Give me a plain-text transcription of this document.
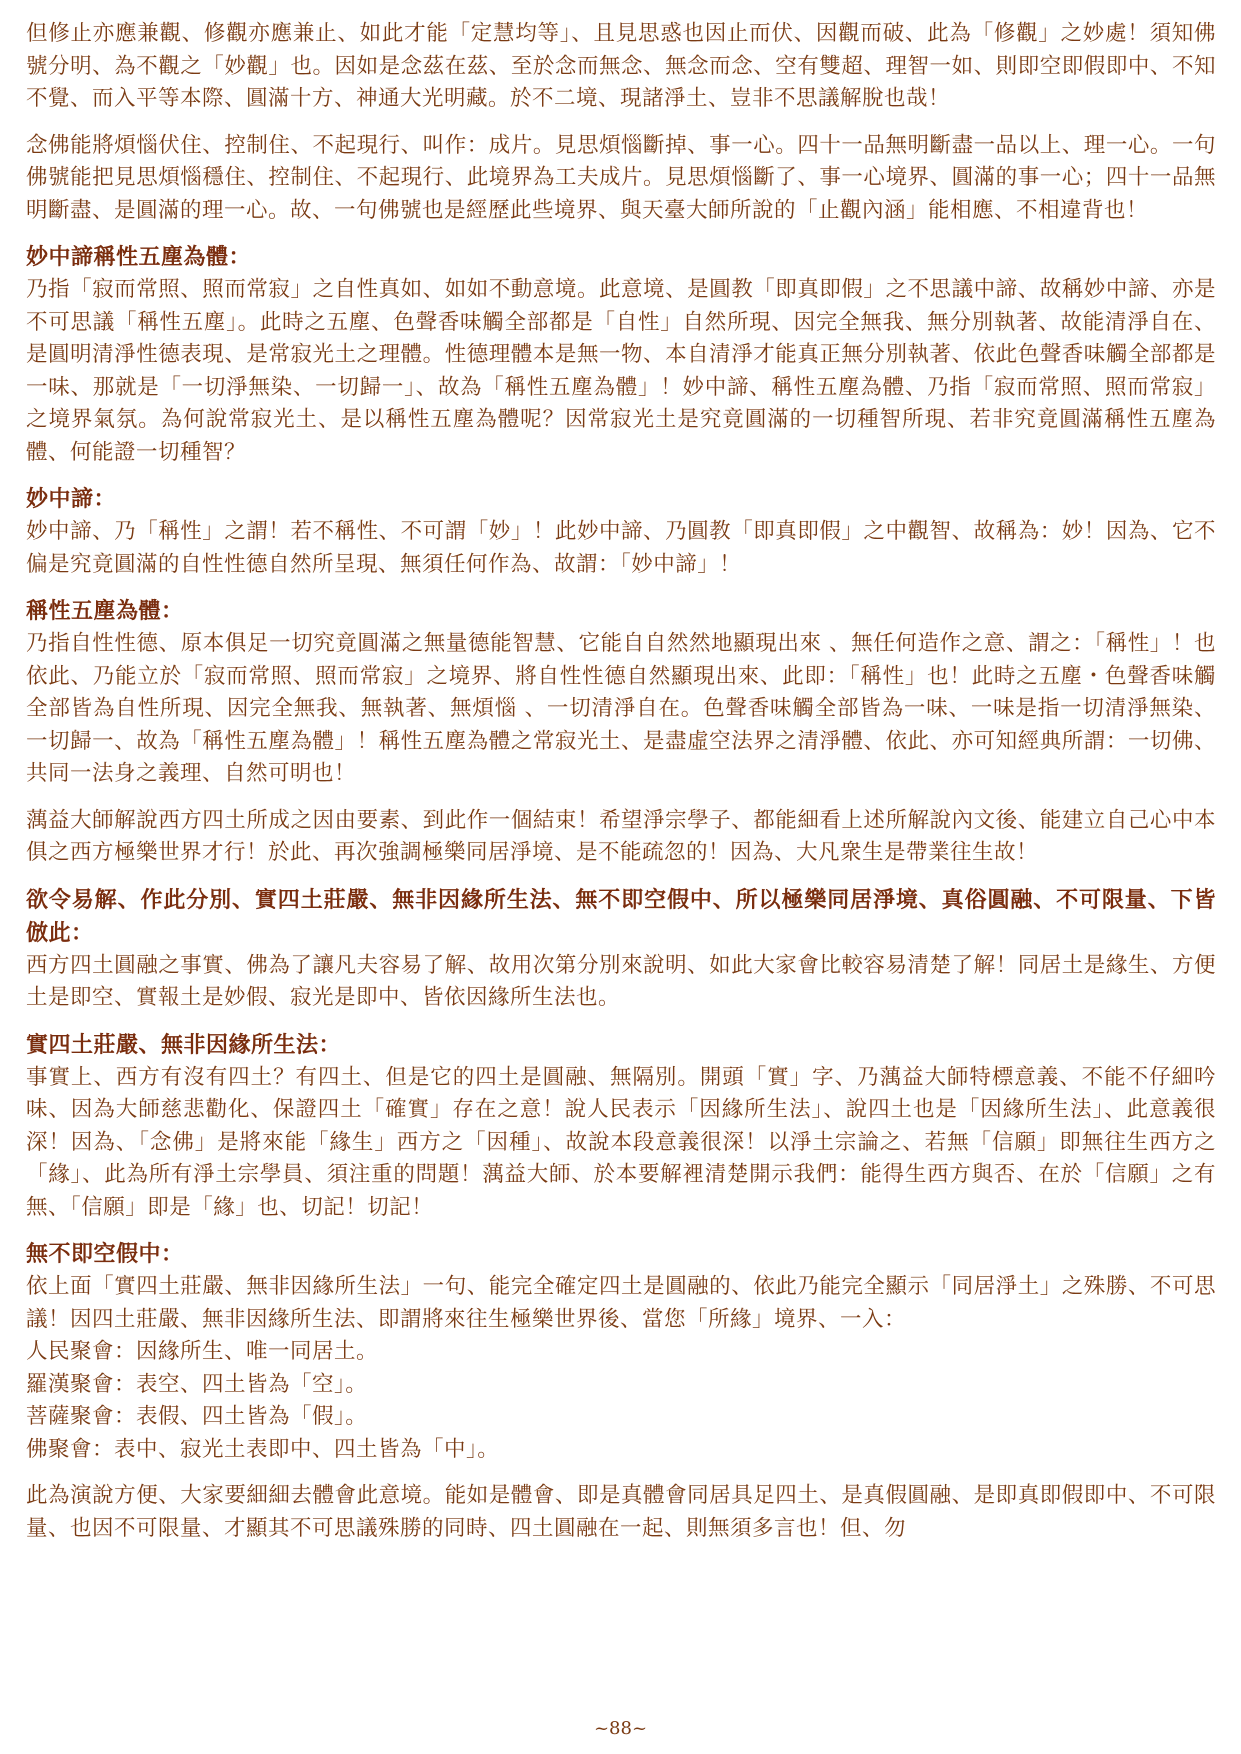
但修止亦應兼觀、修觀亦應兼止、如此才能「定慧均等」、且見思惑也因止而伏、因觀而破、此為「修觀」之妙處！須知佛號分明、為不觀之「妙觀」也。因如是念茲在茲、至於念而無念、無念而念、空有雙超、理智一如、則即空即假即中、不知不覺、而入平等本際、圓滿十方、神通大光明藏。於不二境、現諸淨土、豈非不思議解脫也哉！

念佛能將煩惱伏住、控制住、不起現行、叫作：成片。見思煩惱斷掉、事一心。四十一品無明斷盡一品以上、理一心。一句佛號能把見思煩惱穩住、控制住、不起現行、此境界為工夫成片。見思煩惱斷了、事一心境界、圓滿的事一心；四十一品無明斷盡、是圓滿的理一心。故、一句佛號也是經歷此些境界、與天臺大師所說的「止觀內涵」能相應、不相違背也！

妙中諦稱性五塵為體：

乃指「寂而常照、照而常寂」之自性真如、如如不動意境。此意境、是圓教「即真即假」之不思議中諦、故稱妙中諦、亦是不可思議「稱性五塵」。此時之五塵、色聲香味觸全部都是「自性」自然所現、因完全無我、無分別執著、故能清淨自在、是圓明清淨性德表現、是常寂光土之理體。性德理體本是無一物、本自清淨才能真正無分別執著、依此色聲香味觸全部都是一味、那就是「一切淨無染、一切歸一」、故為「稱性五塵為體」！妙中諦、稱性五塵為體、乃指「寂而常照、照而常寂」之境界氣氛。為何說常寂光土、是以稱性五塵為體呢？因常寂光土是究竟圓滿的一切種智所現、若非究竟圓滿稱性五塵為體、何能證一切種智？

妙中諦：

妙中諦、乃「稱性」之謂！若不稱性、不可謂「妙」！此妙中諦、乃圓教「即真即假」之中觀智、故稱為：妙！因為、它不偏是究竟圓滿的自性性德自然所呈現、無須任何作為、故謂：「妙中諦」！

稱性五塵為體：

乃指自性性德、原本俱足一切究竟圓滿之無量德能智慧、它能自自然然地顯現出來 、無任何造作之意、謂之：「稱性」！也依此、乃能立於「寂而常照、照而常寂」之境界、將自性性德自然顯現出來、此即：「稱性」也！此時之五塵・色聲香味觸全部皆為自性所現、因完全無我、無執著、無煩惱 、一切清淨自在。色聲香味觸全部皆為一味、一味是指一切清淨無染、一切歸一、故為「稱性五塵為體」！稱性五塵為體之常寂光土、是盡虛空法界之清淨體、依此、亦可知經典所謂：一切佛、共同一法身之義理、自然可明也！

蕅益大師解說西方四土所成之因由要素、到此作一個結束！希望淨宗學子、都能細看上述所解說內文後、能建立自己心中本俱之西方極樂世界才行！於此、再次強調極樂同居淨境、是不能疏忽的！因為、大凡衆生是帶業往生故！

欲令易解、作此分別、實四土莊嚴、無非因緣所生法、無不即空假中、所以極樂同居淨境、真俗圓融、不可限量、下皆倣此：

西方四土圓融之事實、佛為了讓凡夫容易了解、故用次第分別來說明、如此大家會比較容易清楚了解！同居土是緣生、方便土是即空、實報土是妙假、寂光是即中、皆依因緣所生法也。

實四土莊嚴、無非因緣所生法：

事實上、西方有沒有四土？有四土、但是它的四土是圓融、無隔別。開頭「實」字、乃蕅益大師特標意義、不能不仔細吟味、因為大師慈悲勸化、保證四土「確實」存在之意！說人民表示「因緣所生法」、說四土也是「因緣所生法」、此意義很深！因為、「念佛」是將來能「緣生」西方之「因種」、故說本段意義很深！以淨土宗論之、若無「信願」即無往生西方之「緣」、此為所有淨土宗學員、須注重的問題！蕅益大師、於本要解裡清楚開示我們：能得生西方與否、在於「信願」之有無、「信願」即是「緣」也、切記！切記！

無不即空假中：

依上面「實四土莊嚴、無非因緣所生法」一句、能完全確定四土是圓融的、依此乃能完全顯示「同居淨土」之殊勝、不可思議！因四土莊嚴、無非因緣所生法、即謂將來往生極樂世界後、當您「所緣」境界、一入：

人民聚會：因緣所生、唯一同居土。
羅漢聚會：表空、四土皆為「空」。
菩薩聚會：表假、四土皆為「假」。
佛聚會：表中、寂光土表即中、四土皆為「中」。

此為演說方便、大家要細細去體會此意境。能如是體會、即是真體會同居具足四土、是真假圓融、是即真即假即中、不可限量、也因不可限量、才顯其不可思議殊勝的同時、四土圓融在一起、則無須多言也！但、勿

~88~
